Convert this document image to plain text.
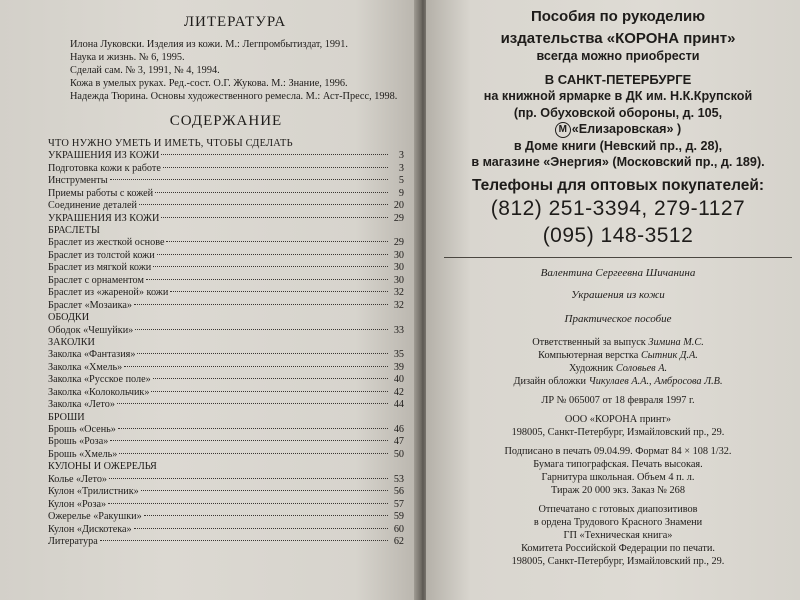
ЛИТЕРАТУРА
Илона Луковски. Изделия из кожи. М.: Легпромбытиздат, 1991.
Наука и жизнь. № 6, 1995.
Сделай сам. № 3, 1991, № 4, 1994.
Кожа в умелых руках. Ред.-сост. О.Г. Жукова. М.: Знание, 1996.
Надежда Тюрина. Основы художественного ремесла. М.: Аст-Пресс, 1998.
СОДЕРЖАНИЕ
ЧТО НУЖНО УМЕТЬ И ИМЕТЬ, ЧТОБЫ СДЕЛАТЬ
УКРАШЕНИЯ ИЗ КОЖИ	3
Подготовка кожи к работе	3
Инструменты	5
Приемы работы с кожей	9
Соединение деталей	20
УКРАШЕНИЯ ИЗ КОЖИ	29
БРАСЛЕТЫ
Браслет из жесткой основе	29
Браслет из толстой кожи	30
Браслет из мягкой кожи	30
Браслет с орнаментом	30
Браслет из «жареной» кожи	32
Браслет «Мозаика»	32
ОБОДКИ
Ободок «Чешуйки»	33
ЗАКОЛКИ
Заколка «Фантазия»	35
Заколка «Хмель»	39
Заколка «Русское поле»	40
Заколка «Колокольчик»	42
Заколка «Лето»	44
БРОШИ
Брошь «Осень»	46
Брошь «Роза»	47
Брошь «Хмель»	50
КУЛОНЫ И ОЖЕРЕЛЬЯ
Колье «Лето»	53
Кулон «Трилистник»	56
Кулон «Роза»	57
Ожерелье «Ракушки»	59
Кулон «Дискотека»	60
Литература	62
Пособия по рукоделию
издательства «КОРОНА принт»
всегда можно приобрести
В САНКТ-ПЕТЕРБУРГЕ
на книжной ярмарке в ДК им. Н.К.Крупской
(пр. Обуховской обороны, д. 105,
М «Елизаровская» )
в Доме книги (Невский пр., д. 28),
в магазине «Энергия» (Московский пр., д. 189).
Телефоны для оптовых покупателей:
(812) 251-3394, 279-1127
(095) 148-3512
Валентина Сергеевна Шичанина
Украшения из кожи
Практическое пособие
Ответственный за выпуск Зимина М.С.
Компьютерная верстка Сытник Д.А.
Художник Соловьев А.
Дизайн обложки Чикулаев А.А., Амбросова Л.В.
ЛР № 065007 от 18 февраля 1997 г.
ООО «КОРОНА принт»
198005, Санкт-Петербург, Измайловский пр., 29.
Подписано в печать 09.04.99. Формат 84 × 108 1/32.
Бумага типографская. Печать высокая.
Гарнитура школьная. Объем 4 п. л.
Тираж 20 000 экз. Заказ № 268
Отпечатано с готовых диапозитивов
в ордена Трудового Красного Знамени
ГП «Техническая книга»
Комитета Российской Федерации по печати.
198005, Санкт-Петербург, Измайловский пр., 29.
